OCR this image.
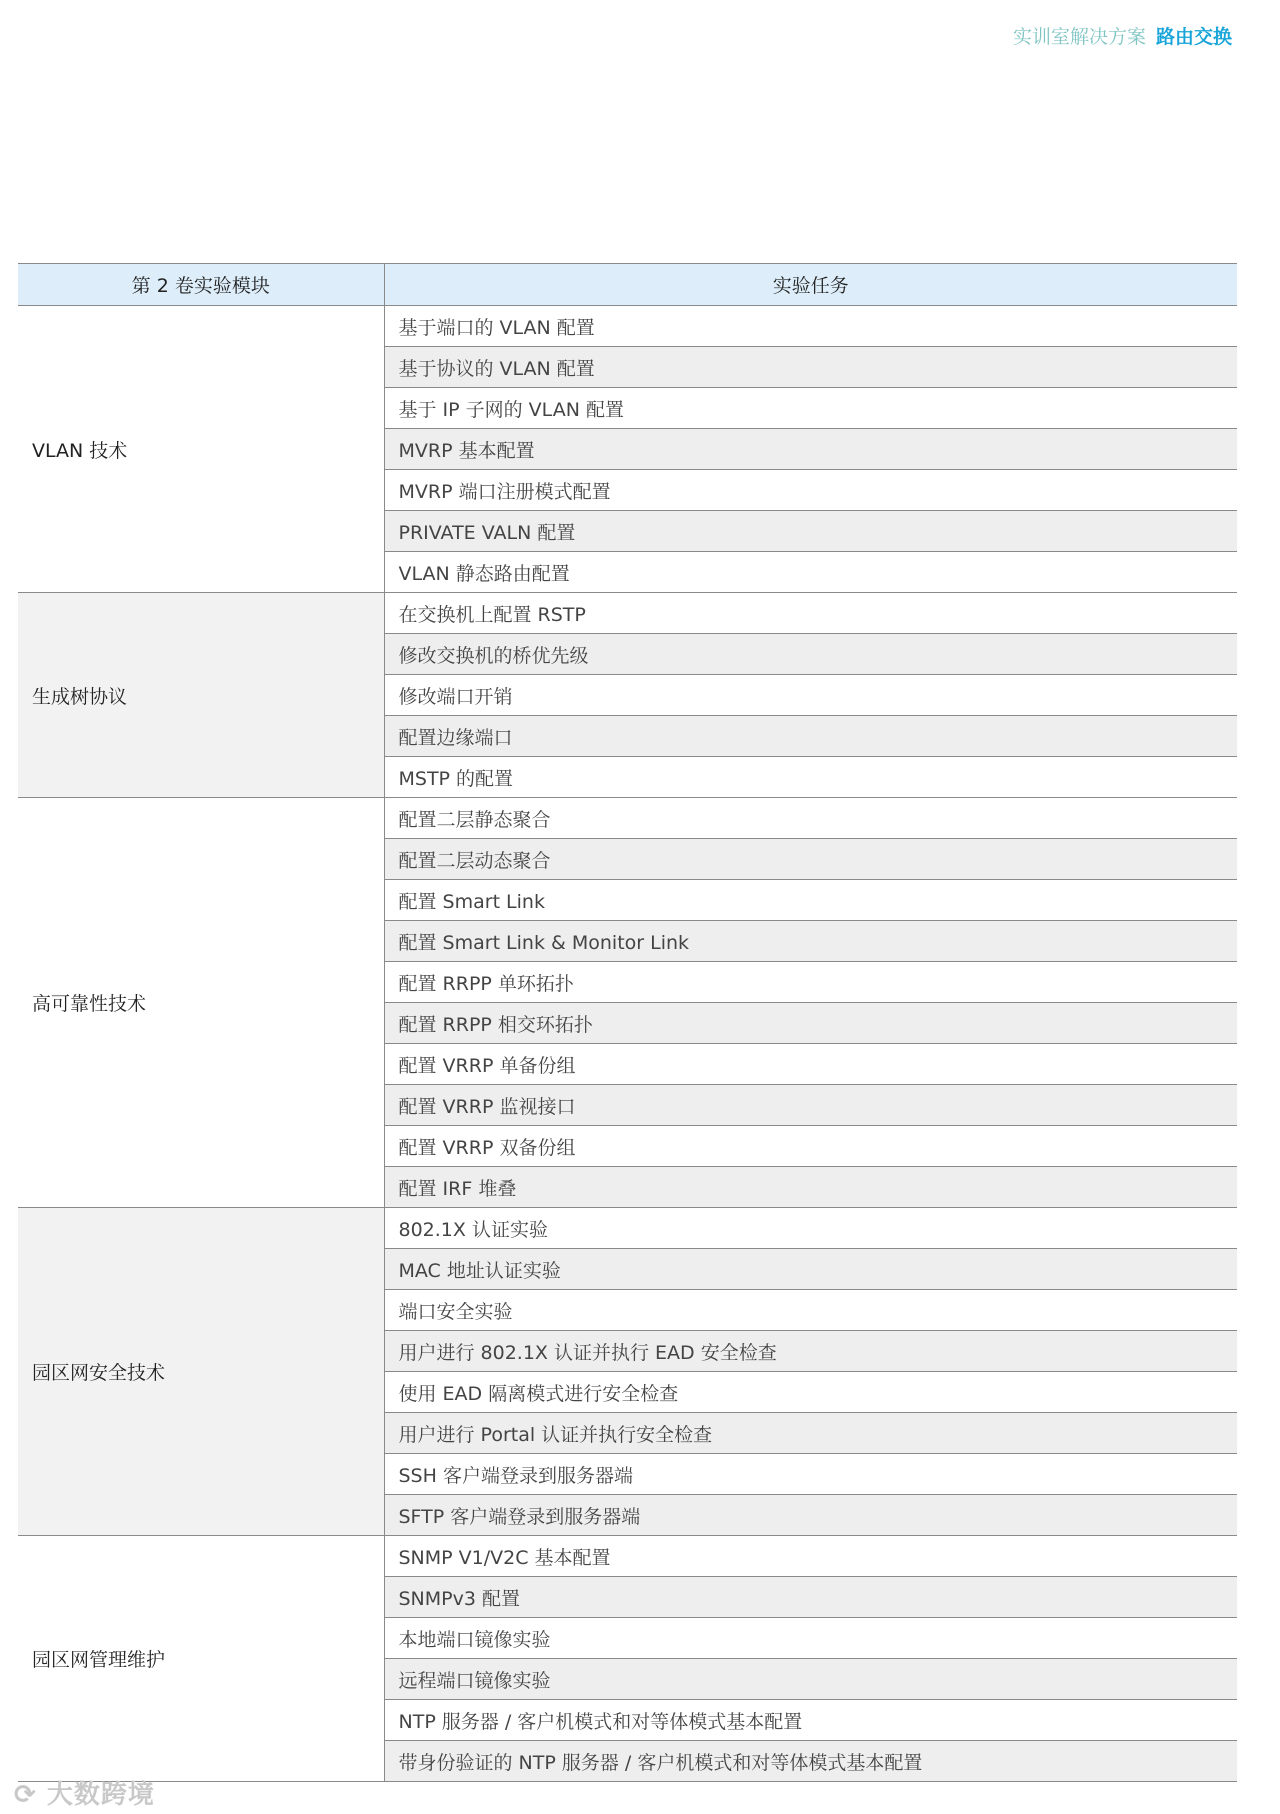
实训室解决方案 路由交换
第 2 卷实验模块	实验任务
VLAN 技术	基于端口的 VLAN 配置
	基于协议的 VLAN 配置
	基于 IP 子网的 VLAN 配置
	MVRP 基本配置
	MVRP 端口注册模式配置
	PRIVATE VALN 配置
	VLAN 静态路由配置
生成树协议	在交换机上配置 RSTP
	修改交换机的桥优先级
	修改端口开销
	配置边缘端口
	MSTP 的配置
高可靠性技术	配置二层静态聚合
	配置二层动态聚合
	配置 Smart Link
	配置 Smart Link & Monitor Link
	配置 RRPP 单环拓扑
	配置 RRPP 相交环拓扑
	配置 VRRP 单备份组
	配置 VRRP 监视接口
	配置 VRRP 双备份组
	配置 IRF 堆叠
园区网安全技术	802.1X 认证实验
	MAC 地址认证实验
	端口安全实验
	用户进行 802.1X 认证并执行 EAD 安全检查
	使用 EAD 隔离模式进行安全检查
	用户进行 Portal 认证并执行安全检查
	SSH 客户端登录到服务器端
	SFTP 客户端登录到服务器端
园区网管理维护	SNMP V1/V2C 基本配置
	SNMPv3 配置
	本地端口镜像实验
	远程端口镜像实验
	NTP 服务器 / 客户机模式和对等体模式基本配置
	带身份验证的 NTP 服务器 / 客户机模式和对等体模式基本配置
⟳ 大数跨境
